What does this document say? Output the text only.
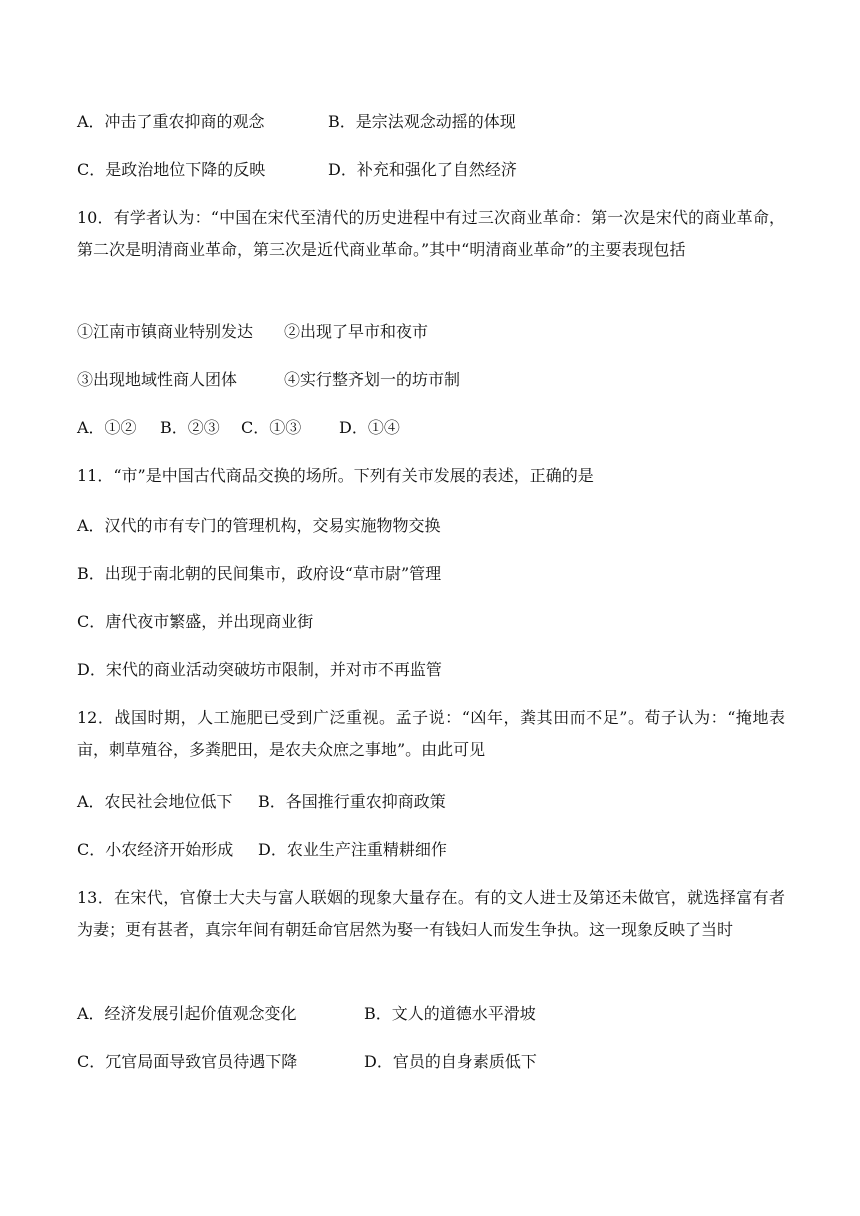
A．冲击了重农抑商的观念	B．是宗法观念动摇的体现
C．是政治地位下降的反映	D．补充和强化了自然经济
10．有学者认为：“中国在宋代至清代的历史进程中有过三次商业革命：第一次是宋代的商业革命，第二次是明清商业革命，第三次是近代商业革命。”其中“明清商业革命”的主要表现包括
①江南市镇商业特别发达 ②出现了早市和夜市
③出现地域性商人团体	④实行整齐划一的坊市制
A．①② B．②③ C．①③ D．①④
11．“市”是中国古代商品交换的场所。下列有关市发展的表述，正确的是
A．汉代的市有专门的管理机构，交易实施物物交换
B．出现于南北朝的民间集市，政府设“草市尉”管理
C．唐代夜市繁盛，并出现商业街
D．宋代的商业活动突破坊市限制，并对市不再监管
12．战国时期，人工施肥已受到广泛重视。孟子说：“凶年，粪其田而不足”。荀子认为：“掩地表亩，刺草殖谷，多粪肥田，是农夫众庶之事地”。由此可见
A．农民社会地位低下 B．各国推行重农抑商政策
C．小农经济开始形成 D．农业生产注重精耕细作
13．在宋代，官僚士大夫与富人联姻的现象大量存在。有的文人进士及第还未做官，就选择富有者为妻；更有甚者，真宗年间有朝廷命官居然为娶一有钱妇人而发生争执。这一现象反映了当时
A．经济发展引起价值观念变化	B．文人的道德水平滑坡
C．冗官局面导致官员待遇下降	D．官员的自身素质低下
